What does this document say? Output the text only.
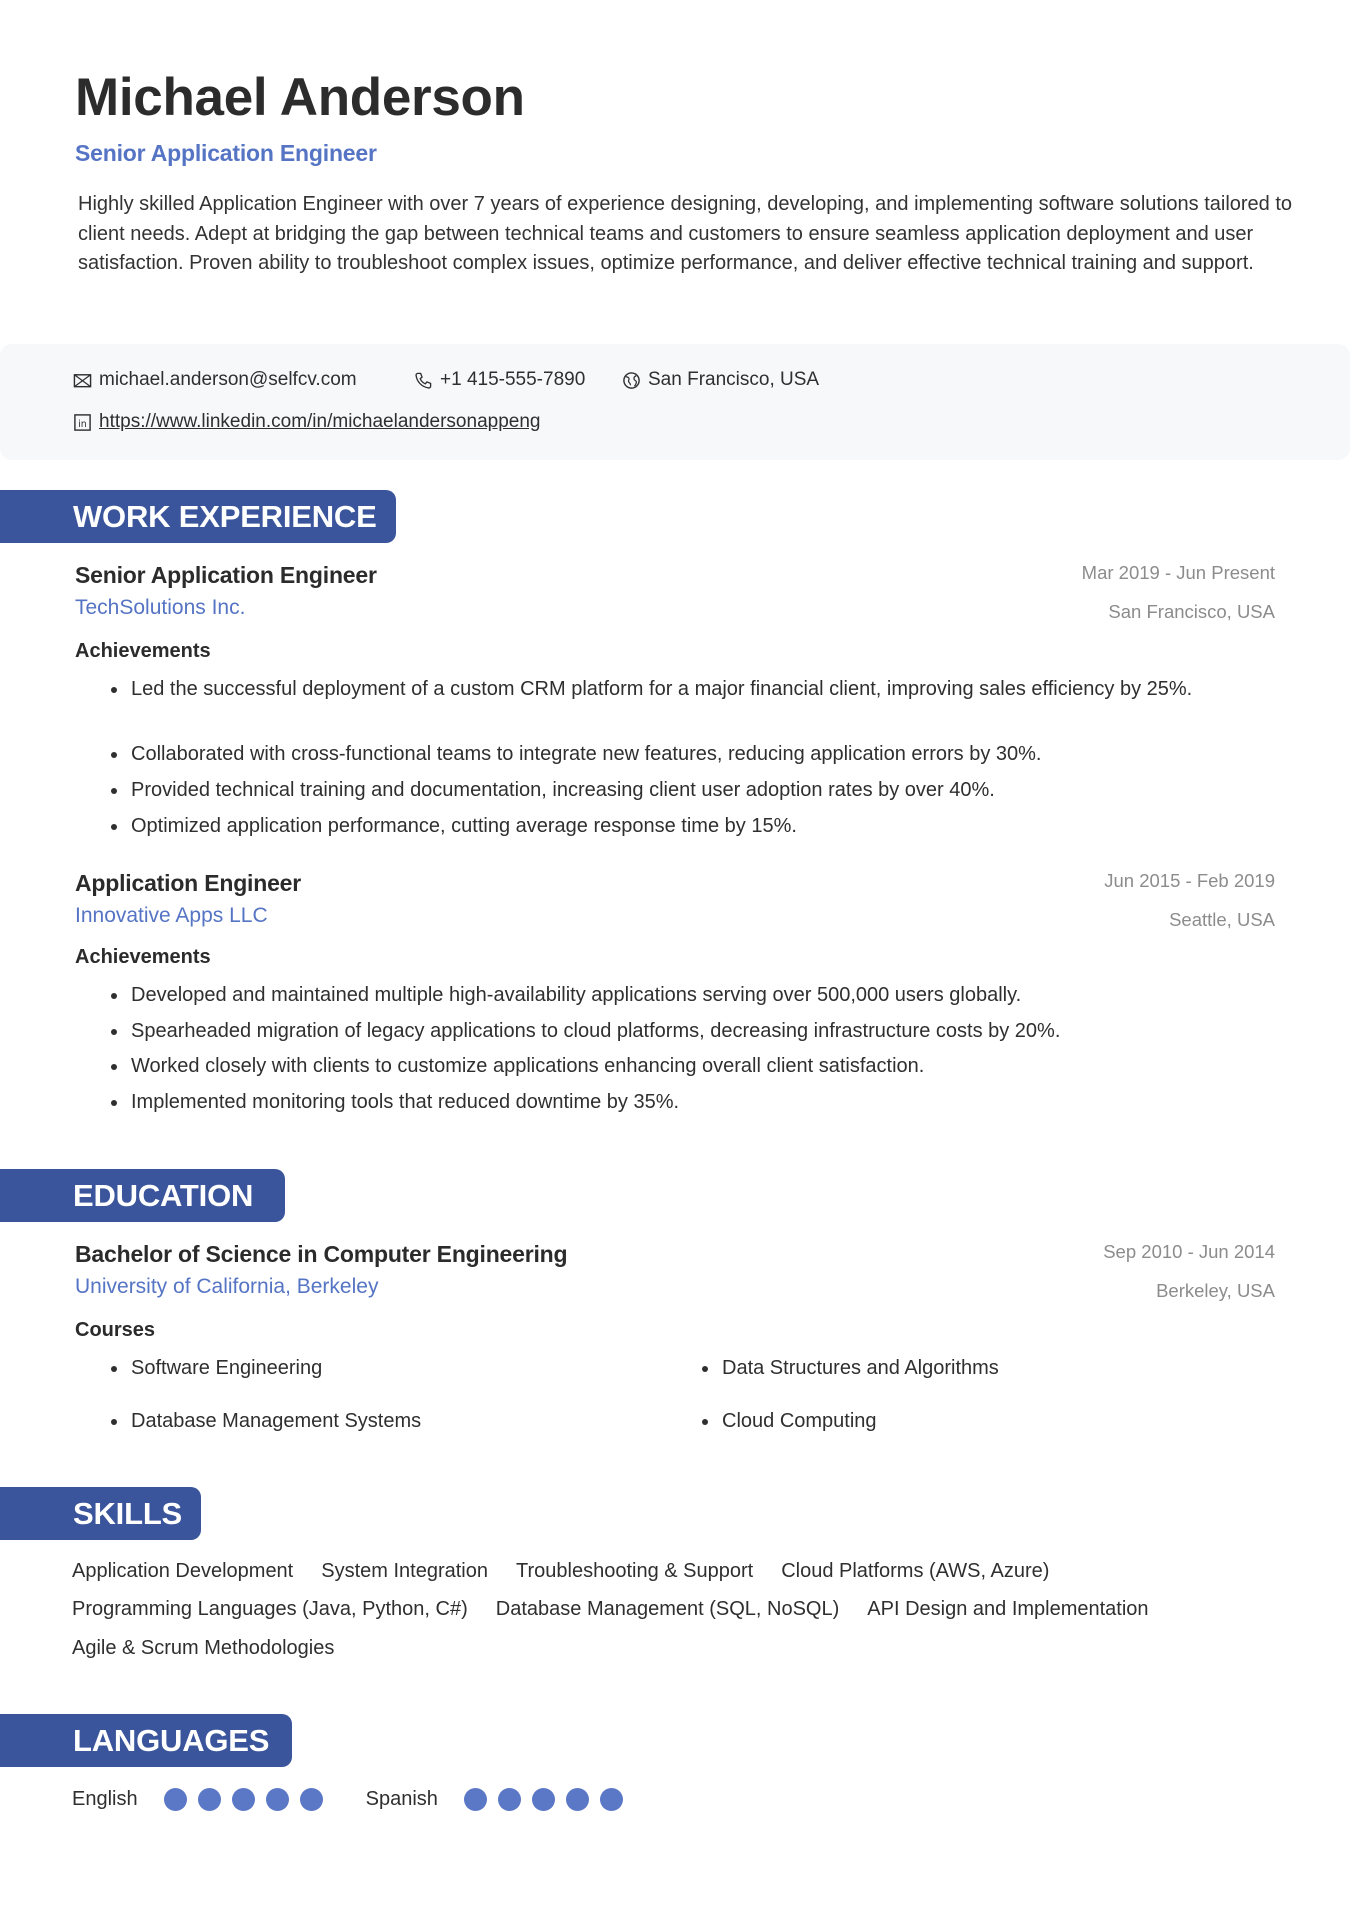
Michael Anderson
Senior Application Engineer
Highly skilled Application Engineer with over 7 years of experience designing, developing, and implementing software solutions tailored to client needs. Adept at bridging the gap between technical teams and customers to ensure seamless application deployment and user satisfaction. Proven ability to troubleshoot complex issues, optimize performance, and deliver effective technical training and support.
michael.anderson@selfcv.com	+1 415-555-7890	San Francisco, USA
in https://www.linkedin.com/in/michaelandersonappeng
WORK EXPERIENCE
Senior Application Engineer
TechSolutions Inc.
Mar 2019 - Jun Present
San Francisco, USA
Achievements
Led the successful deployment of a custom CRM platform for a major financial client, improving sales efficiency by 25%.
Collaborated with cross-functional teams to integrate new features, reducing application errors by 30%.
Provided technical training and documentation, increasing client user adoption rates by over 40%.
Optimized application performance, cutting average response time by 15%.
Application Engineer
Innovative Apps LLC
Jun 2015 - Feb 2019
Seattle, USA
Achievements
Developed and maintained multiple high-availability applications serving over 500,000 users globally.
Spearheaded migration of legacy applications to cloud platforms, decreasing infrastructure costs by 20%.
Worked closely with clients to customize applications enhancing overall client satisfaction.
Implemented monitoring tools that reduced downtime by 35%.
EDUCATION
Bachelor of Science in Computer Engineering
University of California, Berkeley
Sep 2010 - Jun 2014
Berkeley, USA
Courses
Software Engineering	Data Structures and Algorithms
Database Management Systems	Cloud Computing
SKILLS
Application Development System Integration Troubleshooting & Support Cloud Platforms (AWS, Azure)
Programming Languages (Java, Python, C#) Database Management (SQL, NoSQL) API Design and Implementation
Agile & Scrum Methodologies
LANGUAGES
English	Spanish
